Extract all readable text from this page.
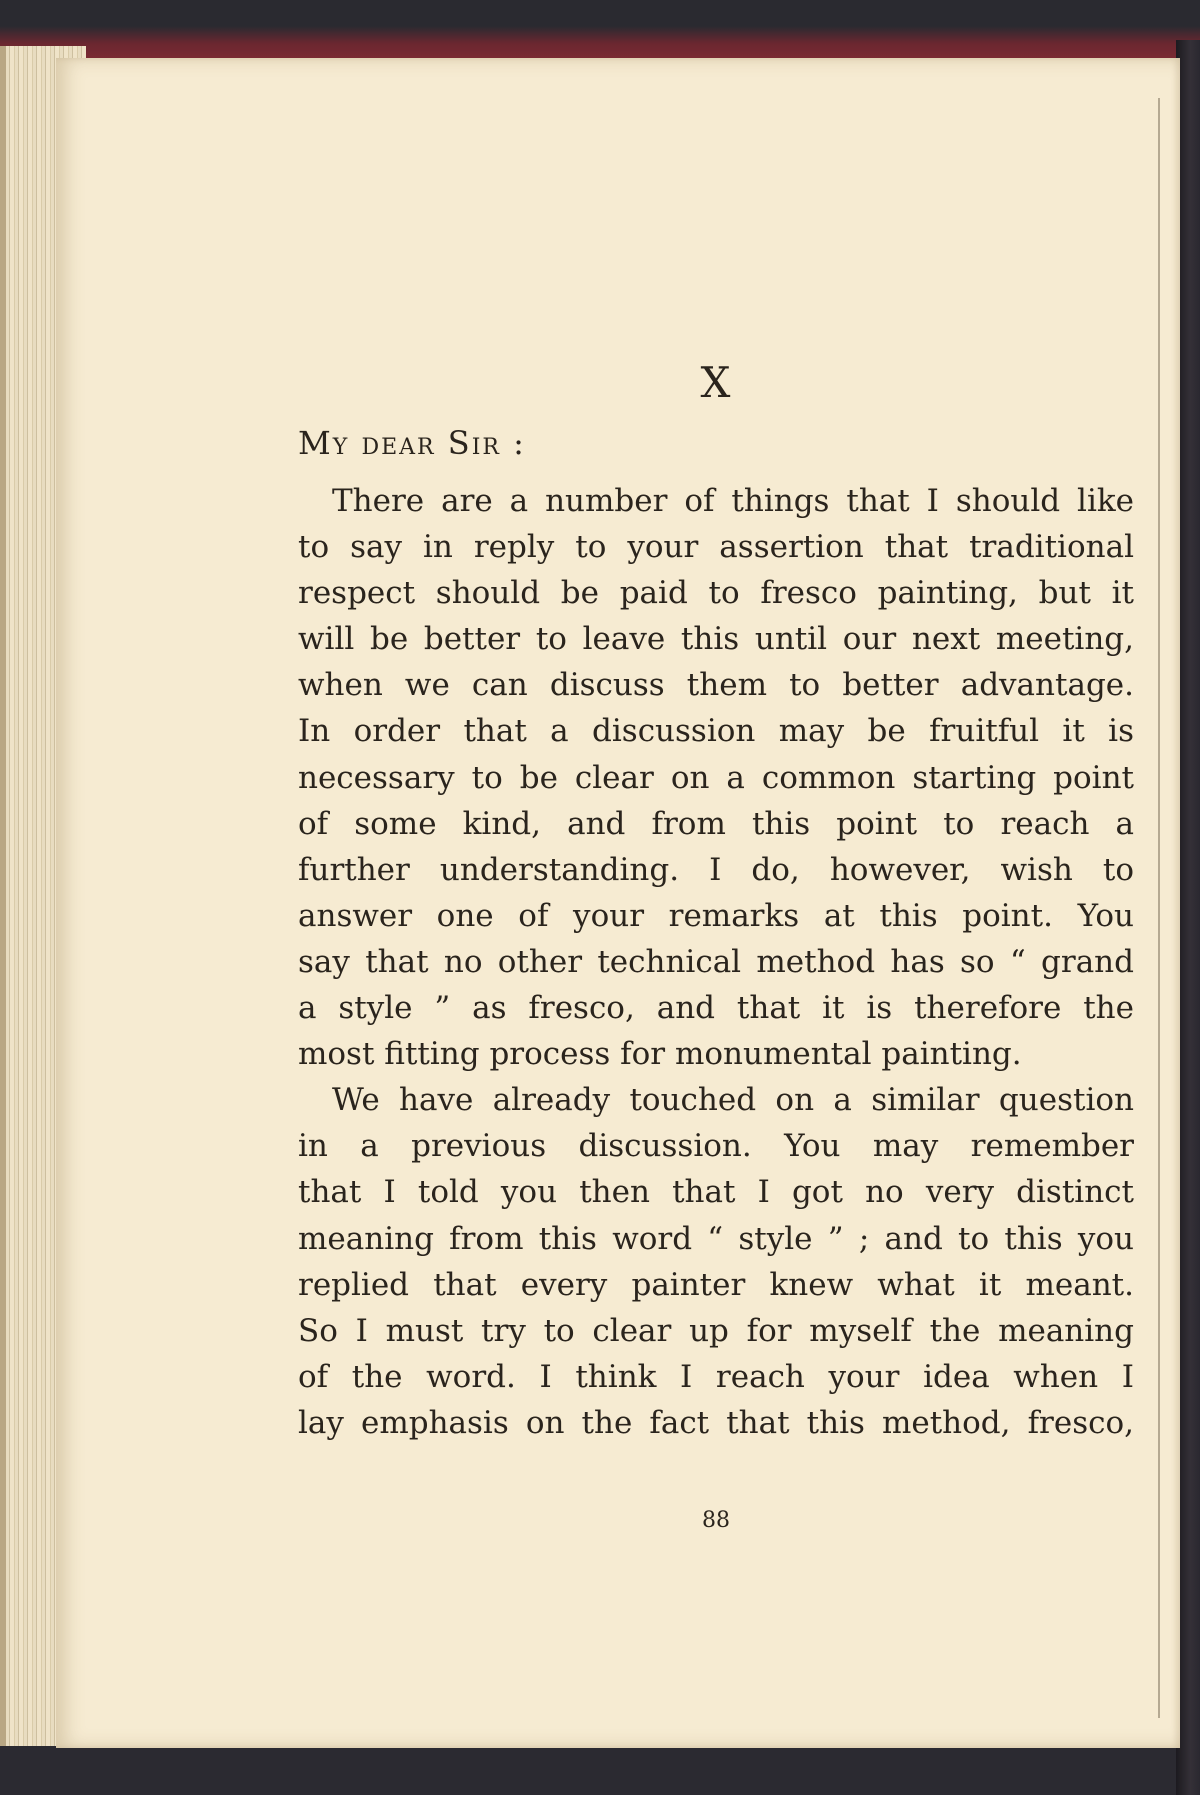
X
My dear Sir :
There are a number of things that I should like
to say in reply to your assertion that traditional
respect should be paid to fresco painting, but it
will be better to leave this until our next meeting,
when we can discuss them to better advantage.
In order that a discussion may be fruitful it is
necessary to be clear on a common starting point
of some kind, and from this point to reach a
further understanding. I do, however, wish to
answer one of your remarks at this point. You
say that no other technical method has so “ grand
a style ” as fresco, and that it is therefore the
most fitting process for monumental painting.
We have already touched on a similar question
in a previous discussion. You may remember
that I told you then that I got no very distinct
meaning from this word “ style ” ; and to this you
replied that every painter knew what it meant.
So I must try to clear up for myself the meaning
of the word. I think I reach your idea when I
lay emphasis on the fact that this method, fresco,
88
